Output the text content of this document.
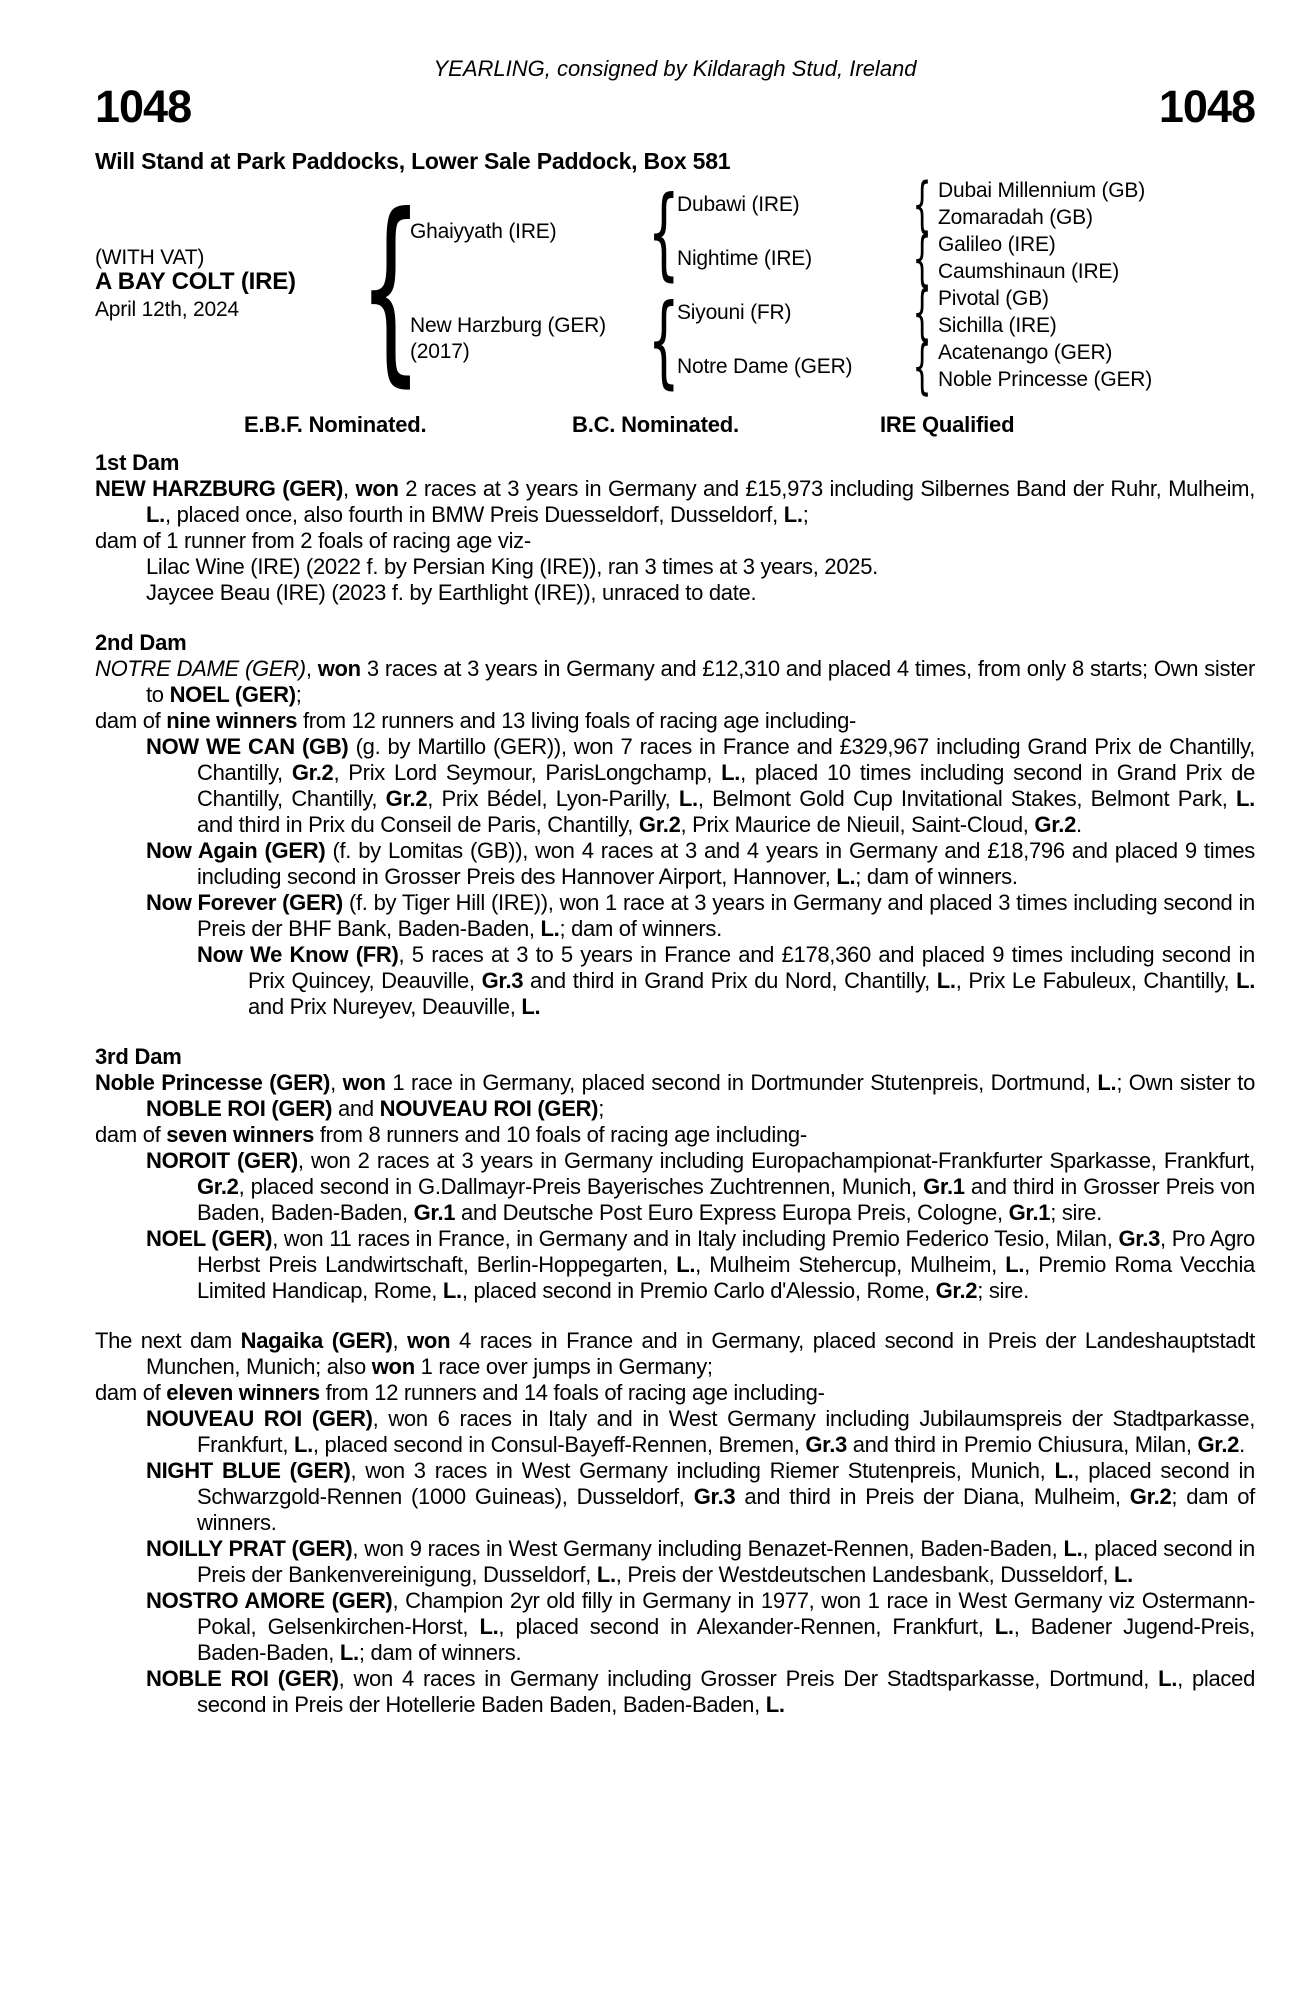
YEARLING, consigned by Kildaragh Stud, Ireland
1048	1048
Will Stand at Park Paddocks, Lower Sale Paddock, Box 581
(WITH VAT)
A BAY COLT (IRE)
April 12th, 2024 { {
{
{
{
{
{
Ghaiyyath (IRE)
New Harzburg (GER)
(2017)
Dubawi (IRE)
Nightime (IRE)
Siyouni (FR)
Notre Dame (GER)
Dubai Millennium (GB)
Zomaradah (GB)
Galileo (IRE)
Caumshinaun (IRE)
Pivotal (GB)
Sichilla (IRE)
Acatenango (GER)
Noble Princesse (GER)
E.B.F. Nominated.	B.C. Nominated.	IRE Qualified
1st Dam

NEW HARZBURG (GER), won 2 races at 3 years in Germany and £15,973 including Silbernes Band der Ruhr, Mulheim, L., placed once, also fourth in BMW Preis Duesseldorf, Dusseldorf, L.;

dam of 1 runner from 2 foals of racing age viz-

Lilac Wine (IRE) (2022 f. by Persian King (IRE)), ran 3 times at 3 years, 2025.

Jaycee Beau (IRE) (2023 f. by Earthlight (IRE)), unraced to date.

2nd Dam

NOTRE DAME (GER), won 3 races at 3 years in Germany and £12,310 and placed 4 times, from only 8 starts; Own sister to NOEL (GER);

dam of nine winners from 12 runners and 13 living foals of racing age including-

NOW WE CAN (GB) (g. by Martillo (GER)), won 7 races in France and £329,967 including Grand Prix de Chantilly, Chantilly, Gr.2, Prix Lord Seymour, ParisLongchamp, L., placed 10 times including second in Grand Prix de Chantilly, Chantilly, Gr.2, Prix Bédel, Lyon-Parilly, L., Belmont Gold Cup Invitational Stakes, Belmont Park, L. and third in Prix du Conseil de Paris, Chantilly, Gr.2, Prix Maurice de Nieuil, Saint-Cloud, Gr.2.

Now Again (GER) (f. by Lomitas (GB)), won 4 races at 3 and 4 years in Germany and £18,796 and placed 9 times including second in Grosser Preis des Hannover Airport, Hannover, L.; dam of winners.

Now Forever (GER) (f. by Tiger Hill (IRE)), won 1 race at 3 years in Germany and placed 3 times including second in Preis der BHF Bank, Baden-Baden, L.; dam of winners.

Now We Know (FR), 5 races at 3 to 5 years in France and £178,360 and placed 9 times including second in Prix Quincey, Deauville, Gr.3 and third in Grand Prix du Nord, Chantilly, L., Prix Le Fabuleux, Chantilly, L. and Prix Nureyev, Deauville, L.

3rd Dam

Noble Princesse (GER), won 1 race in Germany, placed second in Dortmunder Stutenpreis, Dortmund, L.; Own sister to NOBLE ROI (GER) and NOUVEAU ROI (GER);

dam of seven winners from 8 runners and 10 foals of racing age including-

NOROIT (GER), won 2 races at 3 years in Germany including Europachampionat-Frankfurter Sparkasse, Frankfurt, Gr.2, placed second in G.Dallmayr-Preis Bayerisches Zuchtrennen, Munich, Gr.1 and third in Grosser Preis von Baden, Baden-Baden, Gr.1 and Deutsche Post Euro Express Europa Preis, Cologne, Gr.1; sire.

NOEL (GER), won 11 races in France, in Germany and in Italy including Premio Federico Tesio, Milan, Gr.3, Pro Agro Herbst Preis Landwirtschaft, Berlin-Hoppegarten, L., Mulheim Stehercup, Mulheim, L., Premio Roma Vecchia Limited Handicap, Rome, L., placed second in Premio Carlo d'Alessio, Rome, Gr.2; sire.

The next dam Nagaika (GER), won 4 races in France and in Germany, placed second in Preis der Landeshauptstadt Munchen, Munich; also won 1 race over jumps in Germany;

dam of eleven winners from 12 runners and 14 foals of racing age including-

NOUVEAU ROI (GER), won 6 races in Italy and in West Germany including Jubilaumspreis der Stadtparkasse, Frankfurt, L., placed second in Consul-Bayeff-Rennen, Bremen, Gr.3 and third in Premio Chiusura, Milan, Gr.2.

NIGHT BLUE (GER), won 3 races in West Germany including Riemer Stutenpreis, Munich, L., placed second in Schwarzgold-Rennen (1000 Guineas), Dusseldorf, Gr.3 and third in Preis der Diana, Mulheim, Gr.2; dam of winners.

NOILLY PRAT (GER), won 9 races in West Germany including Benazet-Rennen, Baden-Baden, L., placed second in Preis der Bankenvereinigung, Dusseldorf, L., Preis der Westdeutschen Landesbank, Dusseldorf, L.

NOSTRO AMORE (GER), Champion 2yr old filly in Germany in 1977, won 1 race in West Germany viz Ostermann-Pokal, Gelsenkirchen-Horst, L., placed second in Alexander-Rennen, Frankfurt, L., Badener Jugend-Preis, Baden-Baden, L.; dam of winners.

NOBLE ROI (GER), won 4 races in Germany including Grosser Preis Der Stadtsparkasse, Dortmund, L., placed second in Preis der Hotellerie Baden Baden, Baden-Baden, L.
